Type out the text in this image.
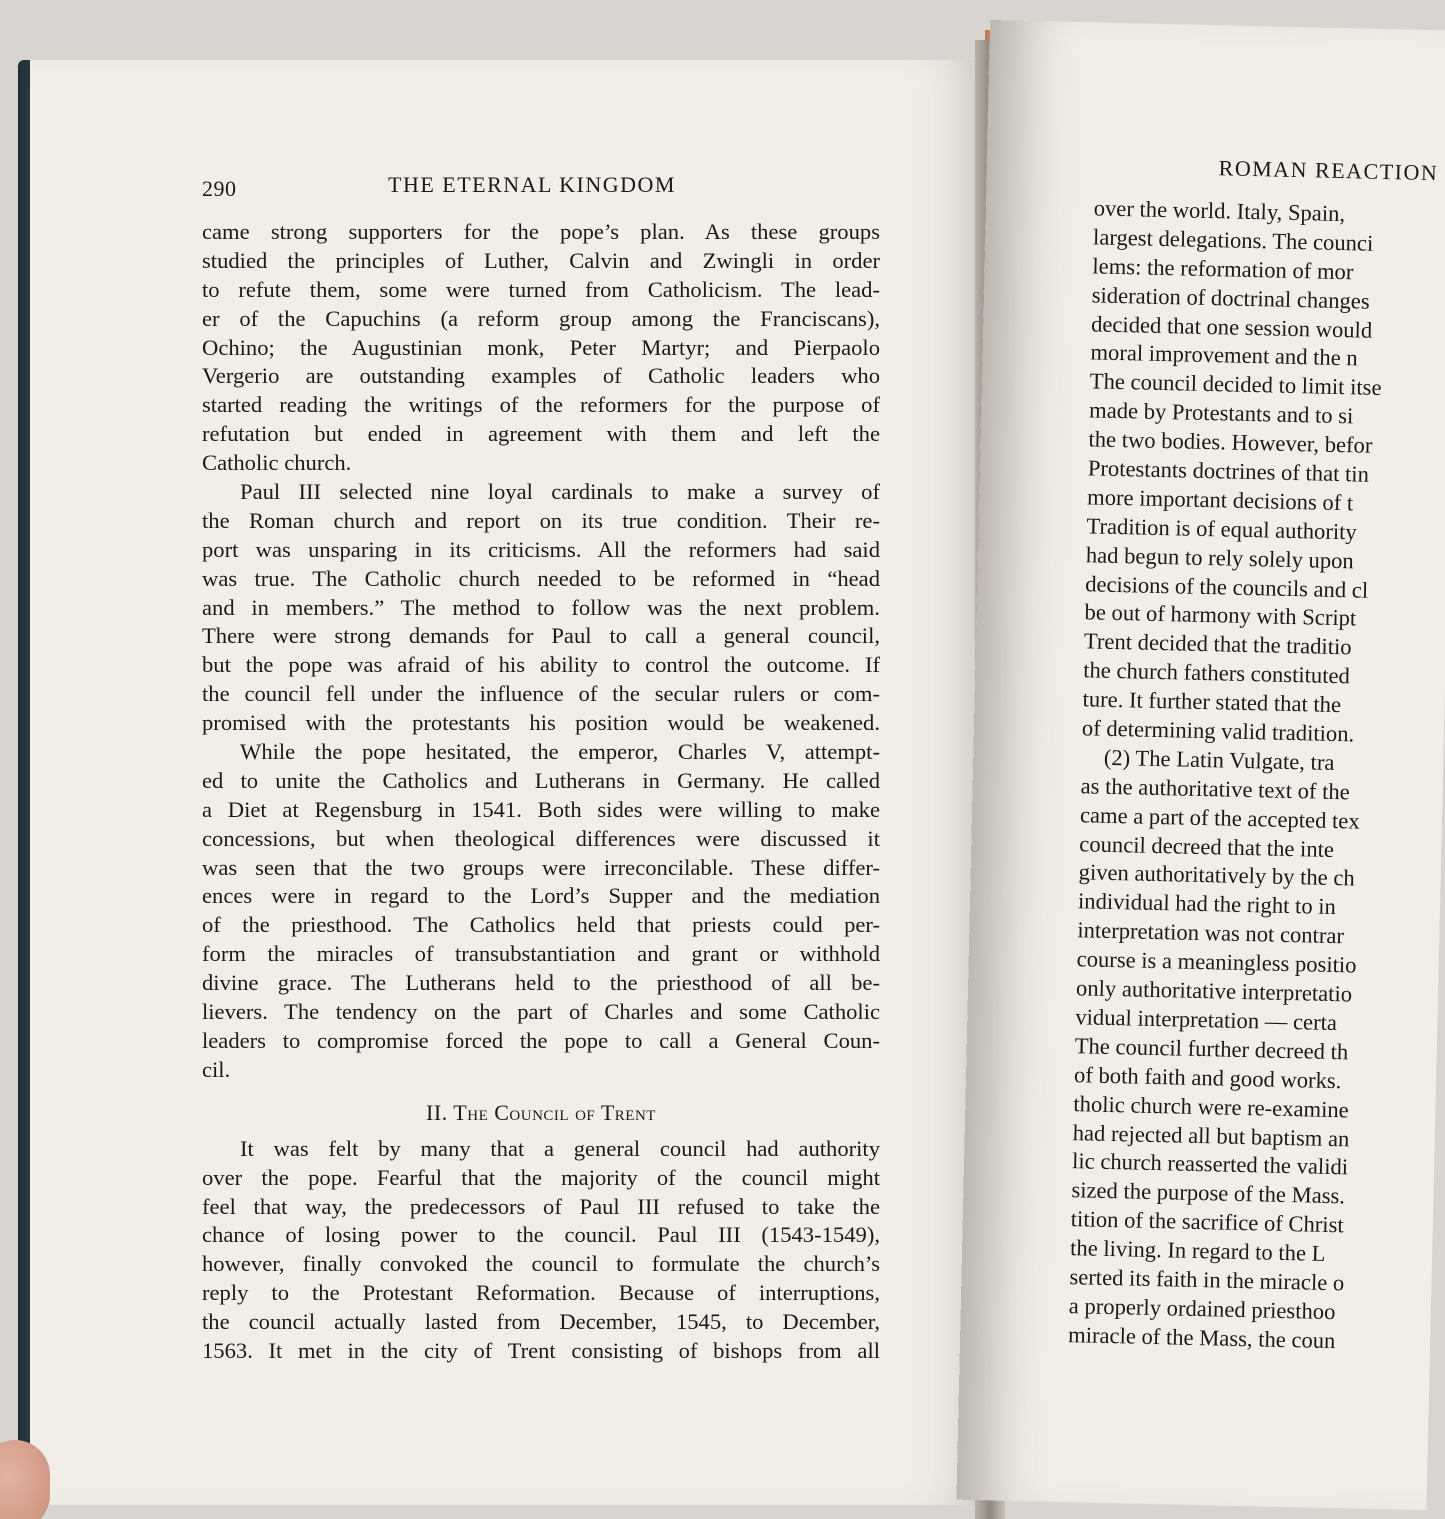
290	THE ETERNAL KINGDOM
came strong supporters for the pope’s plan. As these groups
studied the principles of Luther, Calvin and Zwingli in order
to refute them, some were turned from Catholicism. The lead-
er of the Capuchins (a reform group among the Franciscans),
Ochino; the Augustinian monk, Peter Martyr; and Pierpaolo
Vergerio are outstanding examples of Catholic leaders who
started reading the writings of the reformers for the purpose of
refutation but ended in agreement with them and left the
Catholic church.
Paul III selected nine loyal cardinals to make a survey of
the Roman church and report on its true condition. Their re-
port was unsparing in its criticisms. All the reformers had said
was true. The Catholic church needed to be reformed in “head
and in members.” The method to follow was the next problem.
There were strong demands for Paul to call a general council,
but the pope was afraid of his ability to control the outcome. If
the council fell under the influence of the secular rulers or com-
promised with the protestants his position would be weakened.
While the pope hesitated, the emperor, Charles V, attempt-
ed to unite the Catholics and Lutherans in Germany. He called
a Diet at Regensburg in 1541. Both sides were willing to make
concessions, but when theological differences were discussed it
was seen that the two groups were irreconcilable. These differ-
ences were in regard to the Lord’s Supper and the mediation
of the priesthood. The Catholics held that priests could per-
form the miracles of transubstantiation and grant or withhold
divine grace. The Lutherans held to the priesthood of all be-
lievers. The tendency on the part of Charles and some Catholic
leaders to compromise forced the pope to call a General Coun-
cil.
II. The Council of Trent
It was felt by many that a general council had authority
over the pope. Fearful that the majority of the council might
feel that way, the predecessors of Paul III refused to take the
chance of losing power to the council. Paul III (1543-1549),
however, finally convoked the council to formulate the church’s
reply to the Protestant Reformation. Because of interruptions,
the council actually lasted from December, 1545, to December,
1563. It met in the city of Trent consisting of bishops from all
ROMAN REACTION
over the world. Italy, Spain,
largest delegations. The counci
lems: the reformation of mor
sideration of doctrinal changes
decided that one session would
moral improvement and the n
The council decided to limit itse
made by Protestants and to si
the two bodies. However, befor
Protestants doctrines of that tin
more important decisions of t
Tradition is of equal authority
had begun to rely solely upon
decisions of the councils and cl
be out of harmony with Script
Trent decided that the traditio
the church fathers constituted
ture. It further stated that the
of determining valid tradition.
(2) The Latin Vulgate, tra
as the authoritative text of the
came a part of the accepted tex
council decreed that the inte
given authoritatively by the ch
individual had the right to in
interpretation was not contrar
course is a meaningless positio
only authoritative interpretatio
vidual interpretation — certa
The council further decreed th
of both faith and good works.
tholic church were re-examine
had rejected all but baptism an
lic church reasserted the validi
sized the purpose of the Mass.
tition of the sacrifice of Christ
the living. In regard to the L
serted its faith in the miracle o
a properly ordained priesthoo
miracle of the Mass, the coun
